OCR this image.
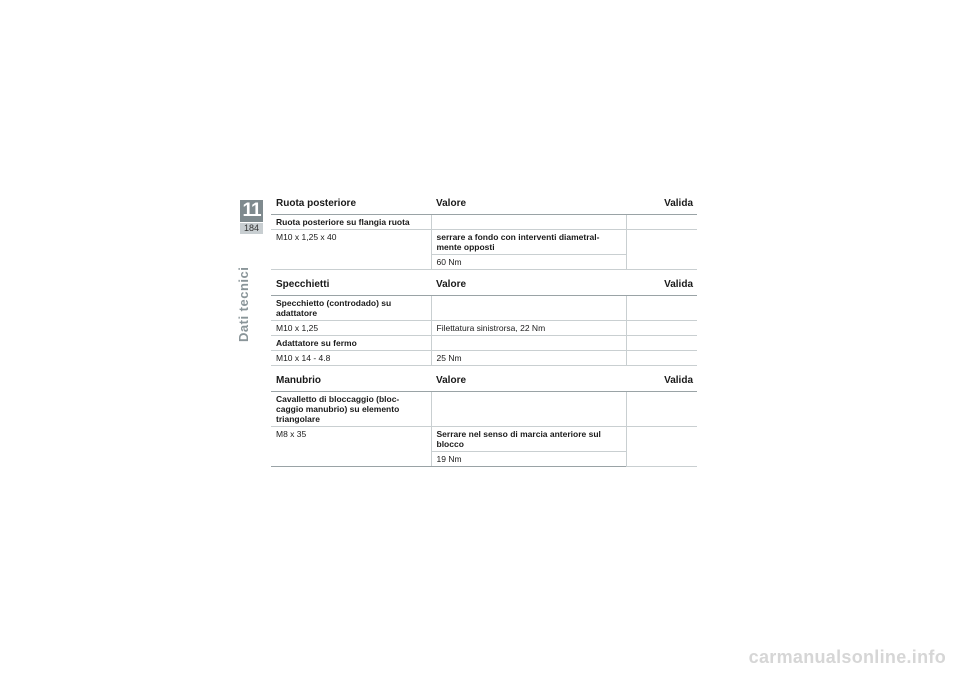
11
184
Dati tecnici
Ruota posteriore	Valore	Valida
Ruota posteriore su flangia ruota		
M10 x 1,25 x 40	serrare a fondo con interventi diametral-mente opposti	
	60 Nm	
Specchietti	Valore	Valida
Specchietto (controdado) su adattatore		
M10 x 1,25	Filettatura sinistrorsa, 22 Nm	
Adattatore su fermo		
M10 x 14 - 4.8	25 Nm	
Manubrio	Valore	Valida
Cavalletto di bloccaggio (bloc-caggio manubrio) su elemento triangolare		
M8 x 35	Serrare nel senso di marcia anteriore sul blocco	
	19 Nm	
carmanualsonline.info
